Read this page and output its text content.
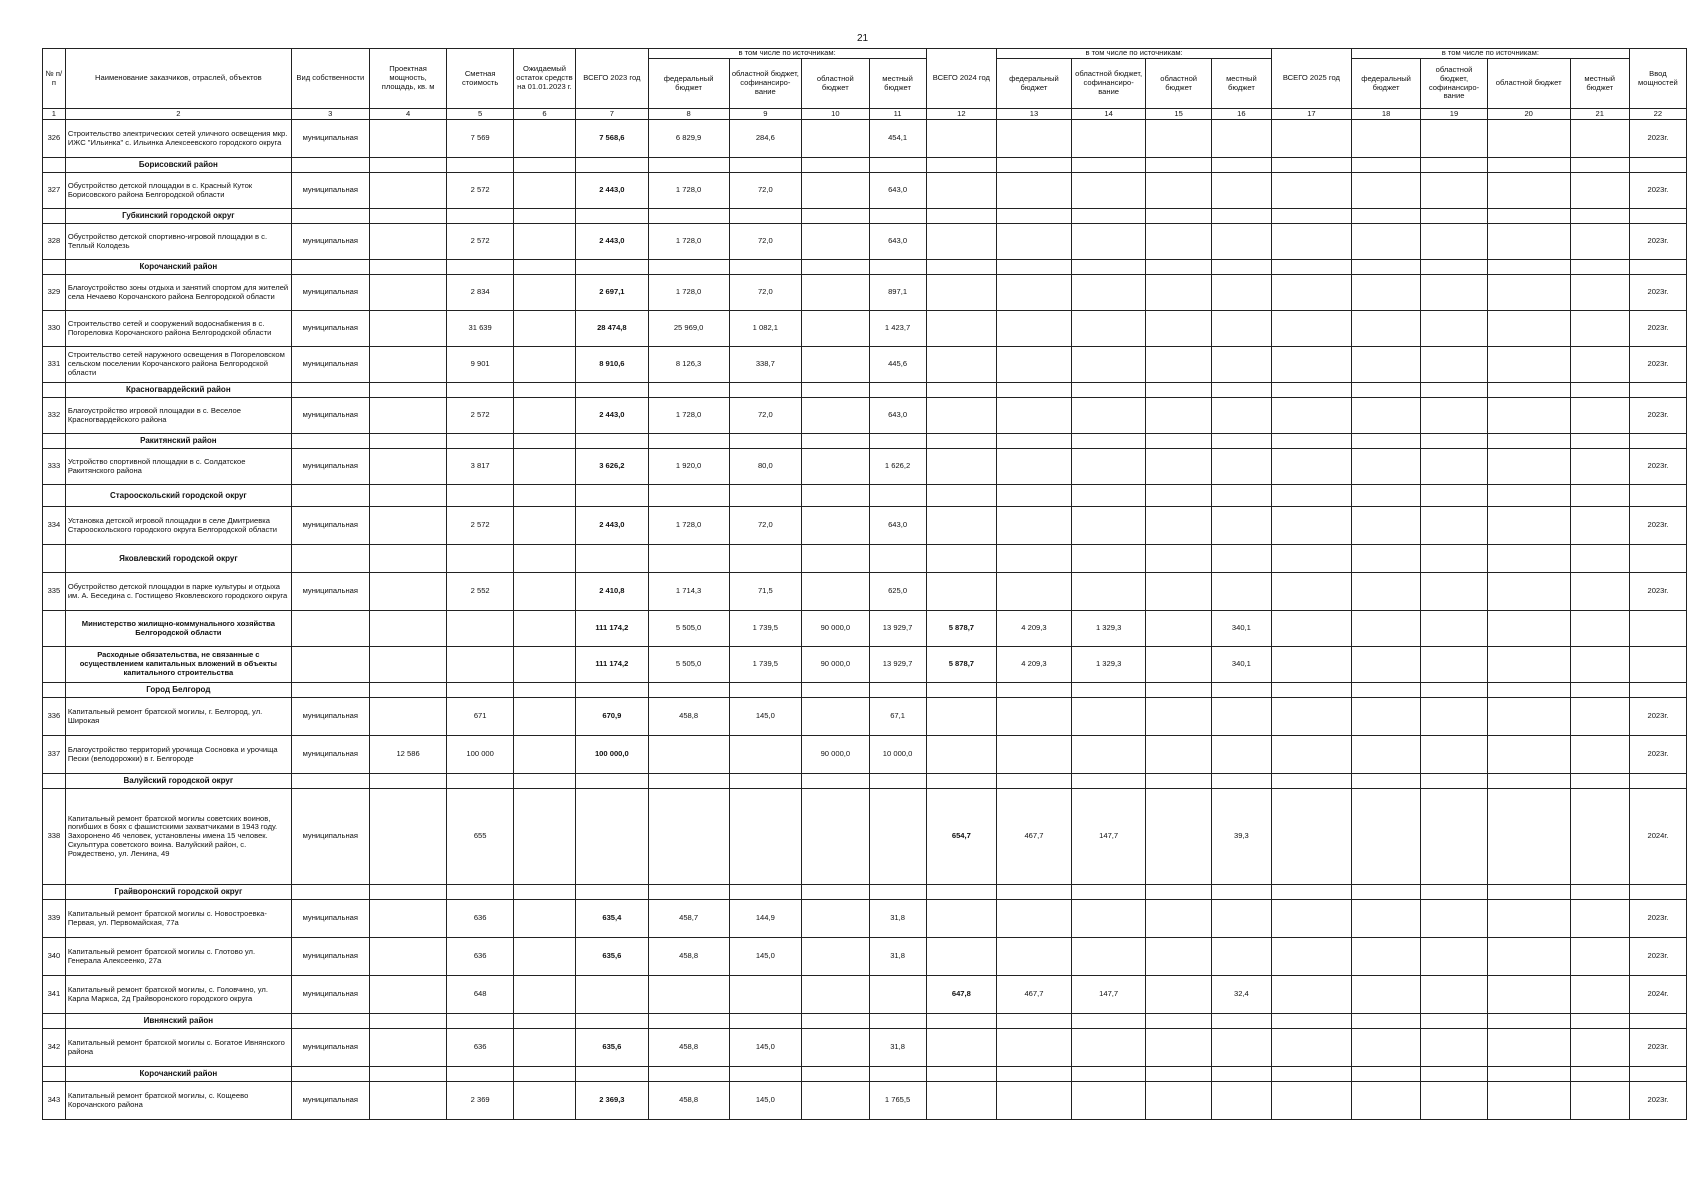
21
№ п/п	Наименование заказчиков, отраслей, объектов	Вид собственности	Проектная мощность, площадь, кв. м	Сметная стоимость	Ожидаемый остаток средств на 01.01.2023 г.	ВСЕГО 2023 год	в том числе по источникам:				ВСЕГО 2024 год	в том числе по источникам:				ВСЕГО 2025 год	в том числе по источникам:				Ввод мощностей
							федеральный бюджет	областной бюджет, софинансиро-вание	областной бюджет	местный бюджет		федеральный бюджет	областной бюджет, софинансиро-вание	областной бюджет	местный бюджет		федеральный бюджет	областной бюджет, софинансиро-вание	областной бюджет	местный бюджет	
1	2	3	4	5	6	7	8	9	10	11	12	13	14	15	16	17	18	19	20	21	22
326	Строительство электрических сетей уличного освещения мкр. ИЖС "Ильинка" с. Ильинка Алексеевского городского округа	муниципальная		7 569		7 568,6	6 829,9	284,6		454,1											2023г.
	Борисовский район																				
327	Обустройство детской площадки в с. Красный Куток Борисовского района Белгородской области	муниципальная		2 572		2 443,0	1 728,0	72,0		643,0											2023г.
	Губкинский городской округ																				
328	Обустройство детской спортивно-игровой площадки в с. Теплый Колодезь	муниципальная		2 572		2 443,0	1 728,0	72,0		643,0											2023г.
	Корочанский район																				
329	Благоустройство зоны отдыха и занятий спортом для жителей села Нечаево Корочанского района Белгородской области	муниципальная		2 834		2 697,1	1 728,0	72,0		897,1											2023г.
330	Строительство сетей и сооружений водоснабжения в с. Погореловка Корочанского района Белгородской области	муниципальная		31 639		28 474,8	25 969,0	1 082,1		1 423,7											2023г.
331	Строительство сетей наружного освещения в Погореловском сельском поселении Корочанского района Белгородской области	муниципальная		9 901		8 910,6	8 126,3	338,7		445,6											2023г.
	Красногвардейский район																				
332	Благоустройство игровой площадки в с. Веселое Красногвардейского района	муниципальная		2 572		2 443,0	1 728,0	72,0		643,0											2023г.
	Ракитянский район																				
333	Устройство спортивной площадки в с. Солдатское Ракитянского района	муниципальная		3 817		3 626,2	1 920,0	80,0		1 626,2											2023г.
	Старооскольский городской округ																				
334	Установка детской игровой площадки в селе Дмитриевка Старооскольского городского округа Белгородской области	муниципальная		2 572		2 443,0	1 728,0	72,0		643,0											2023г.
	Яковлевский городской округ																				
335	Обустройство детской площадки в парке культуры и отдыха им. А. Беседина с. Гостищево Яковлевского городского округа	муниципальная		2 552		2 410,8	1 714,3	71,5		625,0											2023г.
	Министерство жилищно-коммунального хозяйства Белгородской области					111 174,2	5 505,0	1 739,5	90 000,0	13 929,7	5 878,7	4 209,3	1 329,3		340,1						
	Расходные обязательства, не связанные с осуществлением капитальных вложений в объекты капитального строительства					111 174,2	5 505,0	1 739,5	90 000,0	13 929,7	5 878,7	4 209,3	1 329,3		340,1						
	Город Белгород																				
336	Капитальный ремонт братской могилы, г. Белгород, ул. Широкая	муниципальная		671		670,9	458,8	145,0		67,1											2023г.
337	Благоустройство территорий урочища Сосновка и урочища Пески (велодорожки) в г. Белгороде	муниципальная	12 586	100 000		100 000,0			90 000,0	10 000,0											2023г.
	Валуйский городской округ																				
338	Капитальный ремонт братской могилы советских воинов, погибших в боях с фашистскими захватчиками в 1943 году. Захоронено 46 человек, установлены имена 15 человек. Скульптура советского воина. Валуйский район, с. Рождествено, ул. Ленина, 49	муниципальная		655							654,7	467,7	147,7		39,3						2024г.
	Грайворонский городской округ																				
339	Капитальный ремонт братской могилы с. Новостроевка-Первая, ул. Первомайская, 77а	муниципальная		636		635,4	458,7	144,9		31,8											2023г.
340	Капитальный ремонт братской могилы с. Глотово ул. Генерала Алексеенко, 27а	муниципальная		636		635,6	458,8	145,0		31,8											2023г.
341	Капитальный ремонт братской могилы, с. Головчино, ул. Карла Маркса, 2д Грайворонского городского округа	муниципальная		648							647,8	467,7	147,7		32,4						2024г.
	Ивнянский район																				
342	Капитальный ремонт братской могилы с. Богатое Ивнянского района	муниципальная		636		635,6	458,8	145,0		31,8											2023г.
	Корочанский район																				
343	Капитальный ремонт братской могилы, с. Кощеево Корочанского района	муниципальная		2 369		2 369,3	458,8	145,0		1 765,5											2023г.
